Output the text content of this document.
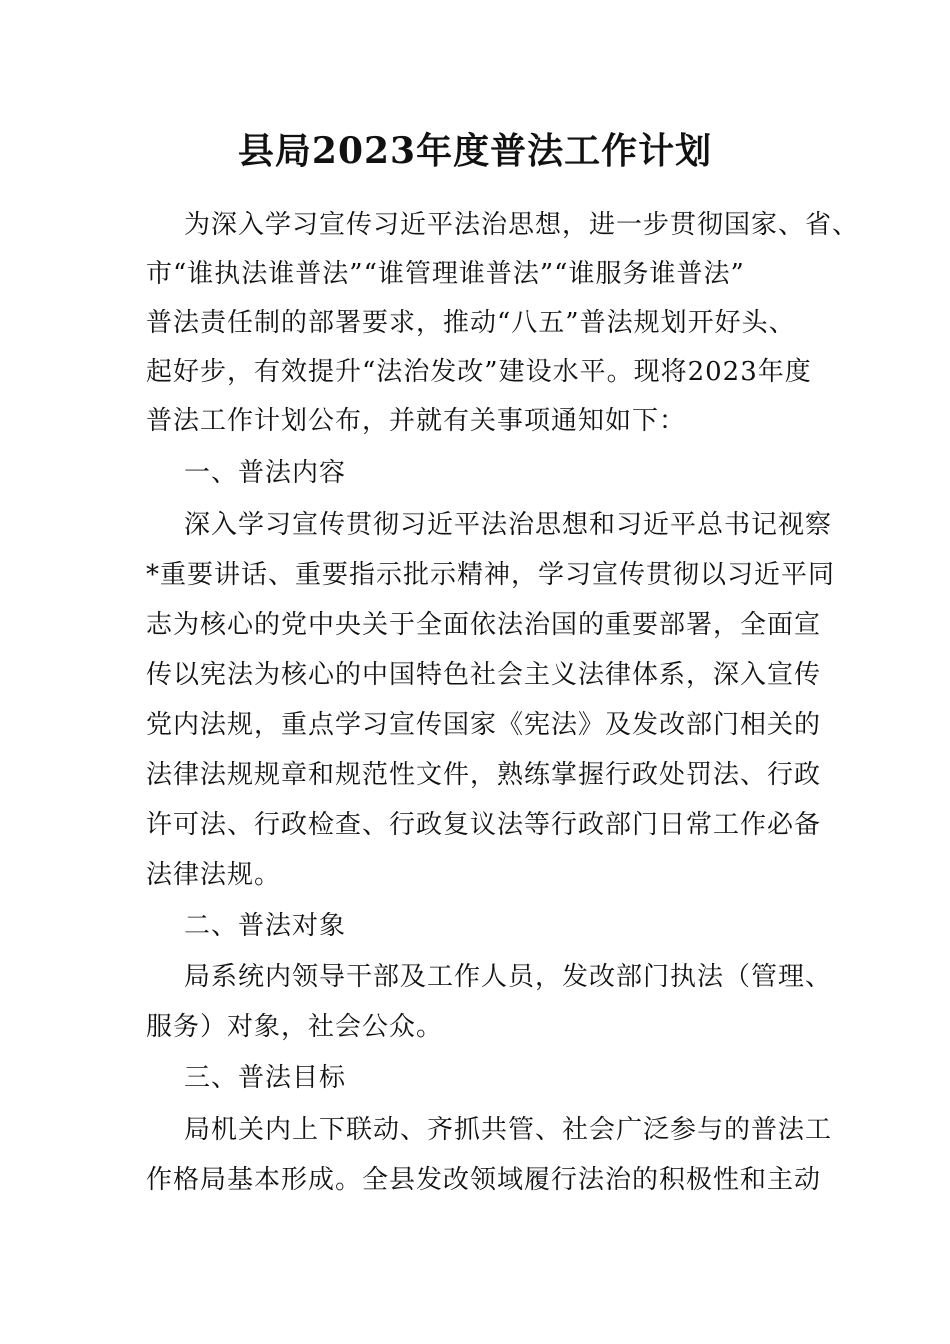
县局2023年度普法工作计划
为深入学习宣传习近平法治思想，进一步贯彻国家、省、
市“谁执法谁普法”“谁管理谁普法”“谁服务谁普法”
普法责任制的部署要求，推动“八五”普法规划开好头、
起好步，有效提升“法治发改”建设水平。现将2023年度
普法工作计划公布，并就有关事项通知如下：
一、普法内容
深入学习宣传贯彻习近平法治思想和习近平总书记视察
*重要讲话、重要指示批示精神，学习宣传贯彻以习近平同
志为核心的党中央关于全面依法治国的重要部署，全面宣
传以宪法为核心的中国特色社会主义法律体系，深入宣传
党内法规，重点学习宣传国家《宪法》及发改部门相关的
法律法规规章和规范性文件，熟练掌握行政处罚法、行政
许可法、行政检查、行政复议法等行政部门日常工作必备
法律法规。
二、普法对象
局系统内领导干部及工作人员，发改部门执法（管理、
服务）对象，社会公众。
三、普法目标
局机关内上下联动、齐抓共管、社会广泛参与的普法工
作格局基本形成。全县发改领域履行法治的积极性和主动
